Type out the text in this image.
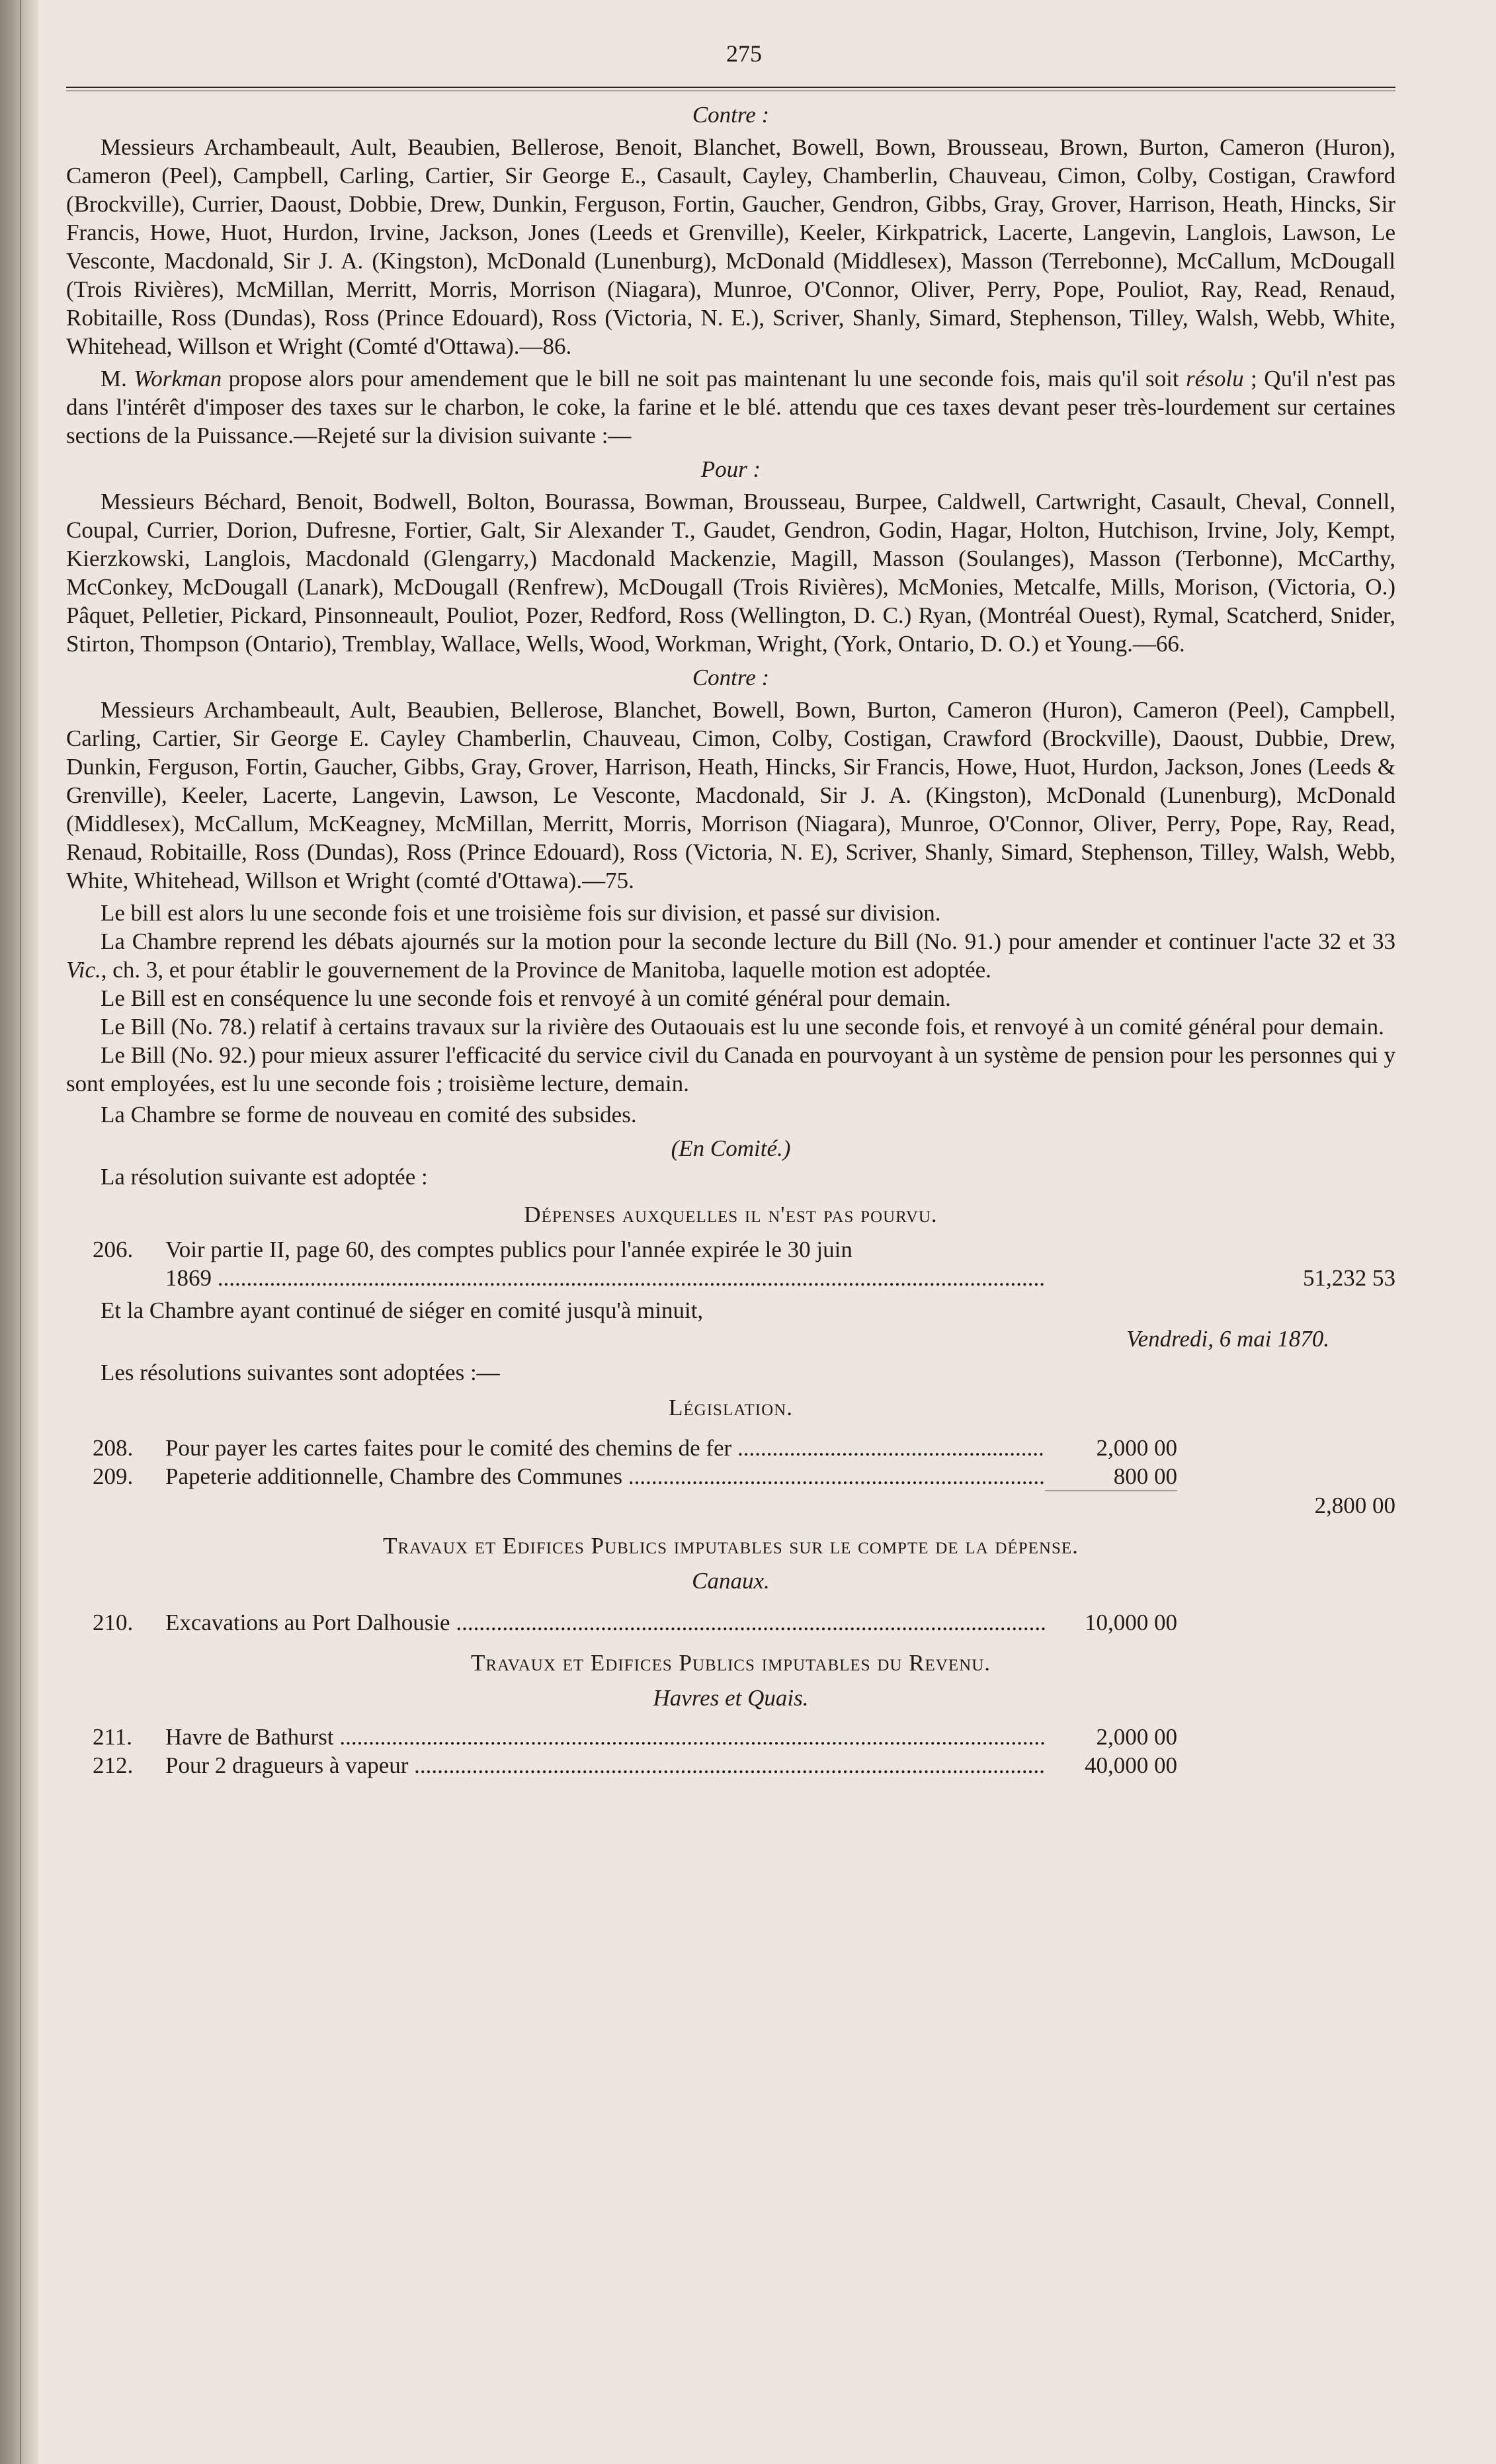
275
Contre :

Messieurs Archambeault, Ault, Beaubien, Bellerose, Benoit, Blanchet, Bowell, Bown, Brousseau, Brown, Burton, Cameron (Huron), Cameron (Peel), Campbell, Carling, Cartier, Sir George E., Casault, Cayley, Chamberlin, Chauveau, Cimon, Colby, Costigan, Crawford (Brockville), Currier, Daoust, Dobbie, Drew, Dunkin, Ferguson, Fortin, Gaucher, Gendron, Gibbs, Gray, Grover, Harrison, Heath, Hincks, Sir Francis, Howe, Huot, Hurdon, Irvine, Jackson, Jones (Leeds et Grenville), Keeler, Kirkpatrick, Lacerte, Langevin, Langlois, Lawson, Le Vesconte, Macdonald, Sir J. A. (Kingston), McDonald (Lunenburg), McDonald (Middlesex), Masson (Terrebonne), McCallum, McDougall (Trois Rivières), McMillan, Merritt, Morris, Morrison (Niagara), Munroe, O'Connor, Oliver, Perry, Pope, Pouliot, Ray, Read, Renaud, Robitaille, Ross (Dundas), Ross (Prince Edouard), Ross (Victoria, N. E.), Scriver, Shanly, Simard, Stephenson, Tilley, Walsh, Webb, White, Whitehead, Willson et Wright (Comté d'Ottawa).—86.

M. Workman propose alors pour amendement que le bill ne soit pas maintenant lu une seconde fois, mais qu'il soit résolu ; Qu'il n'est pas dans l'intérêt d'imposer des taxes sur le charbon, le coke, la farine et le blé. attendu que ces taxes devant peser très-lourdement sur certaines sections de la Puissance.—Rejeté sur la division suivante :—

Pour :

Messieurs Béchard, Benoit, Bodwell, Bolton, Bourassa, Bowman, Brousseau, Burpee, Caldwell, Cartwright, Casault, Cheval, Connell, Coupal, Currier, Dorion, Dufresne, Fortier, Galt, Sir Alexander T., Gaudet, Gendron, Godin, Hagar, Holton, Hutchison, Irvine, Joly, Kempt, Kierzkowski, Langlois, Macdonald (Glengarry,) Macdonald Mackenzie, Magill, Masson (Soulanges), Masson (Terbonne), McCarthy, McConkey, McDougall (Lanark), McDougall (Renfrew), McDougall (Trois Rivières), McMonies, Metcalfe, Mills, Morison, (Victoria, O.) Pâquet, Pelletier, Pickard, Pinsonneault, Pouliot, Pozer, Redford, Ross (Wellington, D. C.) Ryan, (Montréal Ouest), Rymal, Scatcherd, Snider, Stirton, Thompson (Ontario), Tremblay, Wallace, Wells, Wood, Workman, Wright, (York, Ontario, D. O.) et Young.—66.

Contre :

Messieurs Archambeault, Ault, Beaubien, Bellerose, Blanchet, Bowell, Bown, Burton, Cameron (Huron), Cameron (Peel), Campbell, Carling, Cartier, Sir George E. Cayley Chamberlin, Chauveau, Cimon, Colby, Costigan, Crawford (Brockville), Daoust, Dubbie, Drew, Dunkin, Ferguson, Fortin, Gaucher, Gibbs, Gray, Grover, Harrison, Heath, Hincks, Sir Francis, Howe, Huot, Hurdon, Jackson, Jones (Leeds & Grenville), Keeler, Lacerte, Langevin, Lawson, Le Vesconte, Macdonald, Sir J. A. (Kingston), McDonald (Lunenburg), McDonald (Middlesex), McCallum, McKeagney, McMillan, Merritt, Morris, Morrison (Niagara), Munroe, O'Connor, Oliver, Perry, Pope, Ray, Read, Renaud, Robitaille, Ross (Dundas), Ross (Prince Edouard), Ross (Victoria, N. E), Scriver, Shanly, Simard, Stephenson, Tilley, Walsh, Webb, White, Whitehead, Willson et Wright (comté d'Ottawa).—75.

Le bill est alors lu une seconde fois et une troisième fois sur division, et passé sur division.

La Chambre reprend les débats ajournés sur la motion pour la seconde lecture du Bill (No. 91.) pour amender et continuer l'acte 32 et 33 Vic., ch. 3, et pour établir le gouvernement de la Province de Manitoba, laquelle motion est adoptée.

Le Bill est en conséquence lu une seconde fois et renvoyé à un comité général pour demain.

Le Bill (No. 78.) relatif à certains travaux sur la rivière des Outaouais est lu une seconde fois, et renvoyé à un comité général pour demain.

Le Bill (No. 92.) pour mieux assurer l'efficacité du service civil du Canada en pourvoyant à un système de pension pour les personnes qui y sont employées, est lu une seconde fois ; troisième lecture, demain.

La Chambre se forme de nouveau en comité des subsides.

(En Comité.)

La résolution suivante est adoptée :

Dépenses auxquelles il n'est pas pourvu.
206.	Voir partie II, page 60, des comptes publics pour l'année expirée le 30 juin
1869 .....	51,232 53

Et la Chambre ayant continué de siéger en comité jusqu'à minuit,

Vendredi, 6 mai 1870.

Les résolutions suivantes sont adoptées :—

Législation.
208.	Pour payer les cartes faites pour le comité des chemins de fer .....	2,000 00
209.	Papeterie additionnelle, Chambre des Communes .....	800 00
2,800 00
Travaux et Edifices Publics imputables sur le compte de la dépense.
Canaux.
210.	Excavations au Port Dalhousie .....	10,000 00
Travaux et Edifices Publics imputables du Revenu.
Havres et Quais.
211.	Havre de Bathurst .....	2,000 00
212.	Pour 2 dragueurs à vapeur .....	40,000 00
